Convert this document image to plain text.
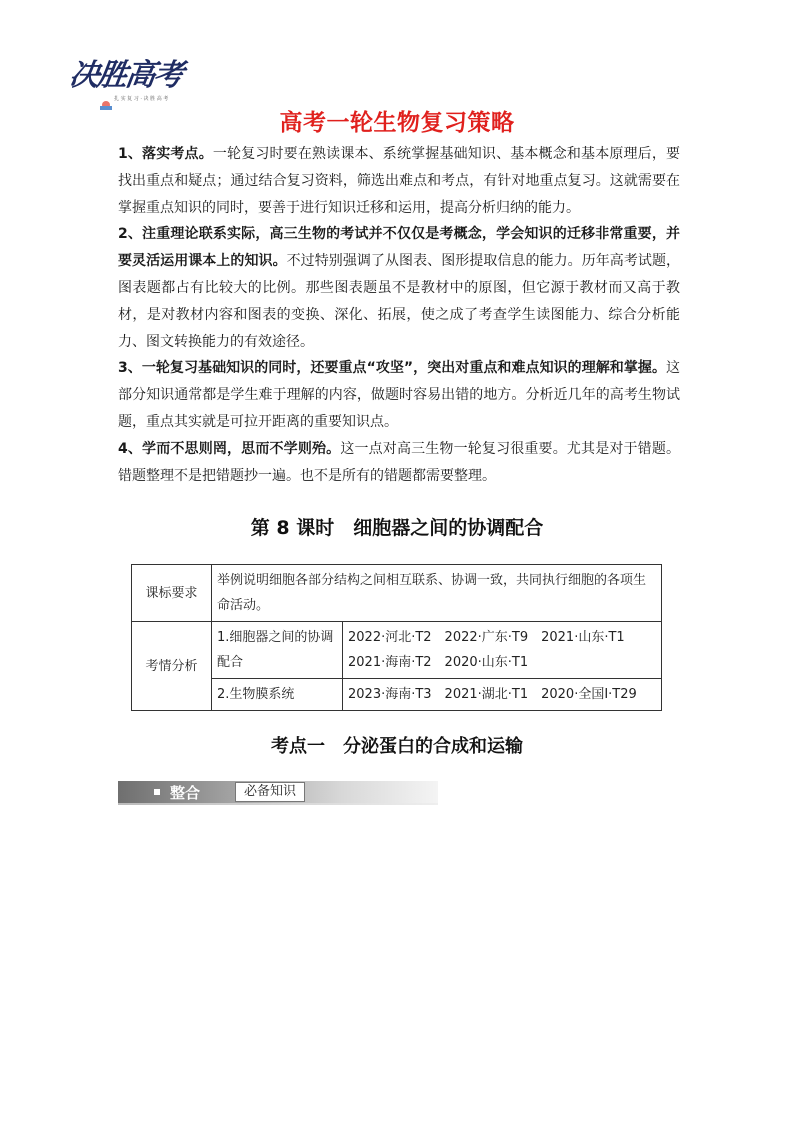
决胜高考
扎 实 复 习 · 决 胜 高 考
高考一轮生物复习策略

1、落实考点。一轮复习时要在熟读课本、系统掌握基础知识、基本概念和基本原理后，要找出重点和疑点；通过结合复习资料，筛选出难点和考点，有针对地重点复习。这就需要在掌握重点知识的同时，要善于进行知识迁移和运用，提高分析归纳的能力。

2、注重理论联系实际，高三生物的考试并不仅仅是考概念，学会知识的迁移非常重要，并要灵活运用课本上的知识。不过特别强调了从图表、图形提取信息的能力。历年高考试题，图表题都占有比较大的比例。那些图表题虽不是教材中的原图，但它源于教材而又高于教材，是对教材内容和图表的变换、深化、拓展，使之成了考查学生读图能力、综合分析能力、图文转换能力的有效途径。

3、一轮复习基础知识的同时，还要重点“攻坚”，突出对重点和难点知识的理解和掌握。这部分知识通常都是学生难于理解的内容，做题时容易出错的地方。分析近几年的高考生物试题，重点其实就是可拉开距离的重要知识点。

4、学而不思则罔，思而不学则殆。这一点对高三生物一轮复习很重要。尤其是对于错题。错题整理不是把错题抄一遍。也不是所有的错题都需要整理。

第 8 课时　细胞器之间的协调配合
课标要求	举例说明细胞各部分结构之间相互联系、协调一致，共同执行细胞的各项生命活动。	
考情分析	1.细胞器之间的协调配合	2022·河北·T2　2022·广东·T9　2021·山东·T1　2021·海南·T2　2020·山东·T1
	2.生物膜系统	2023·海南·T3　2021·湖北·T1　2020·全国Ⅰ·T29
考点一　分泌蛋白的合成和运输
整合	必备知识
